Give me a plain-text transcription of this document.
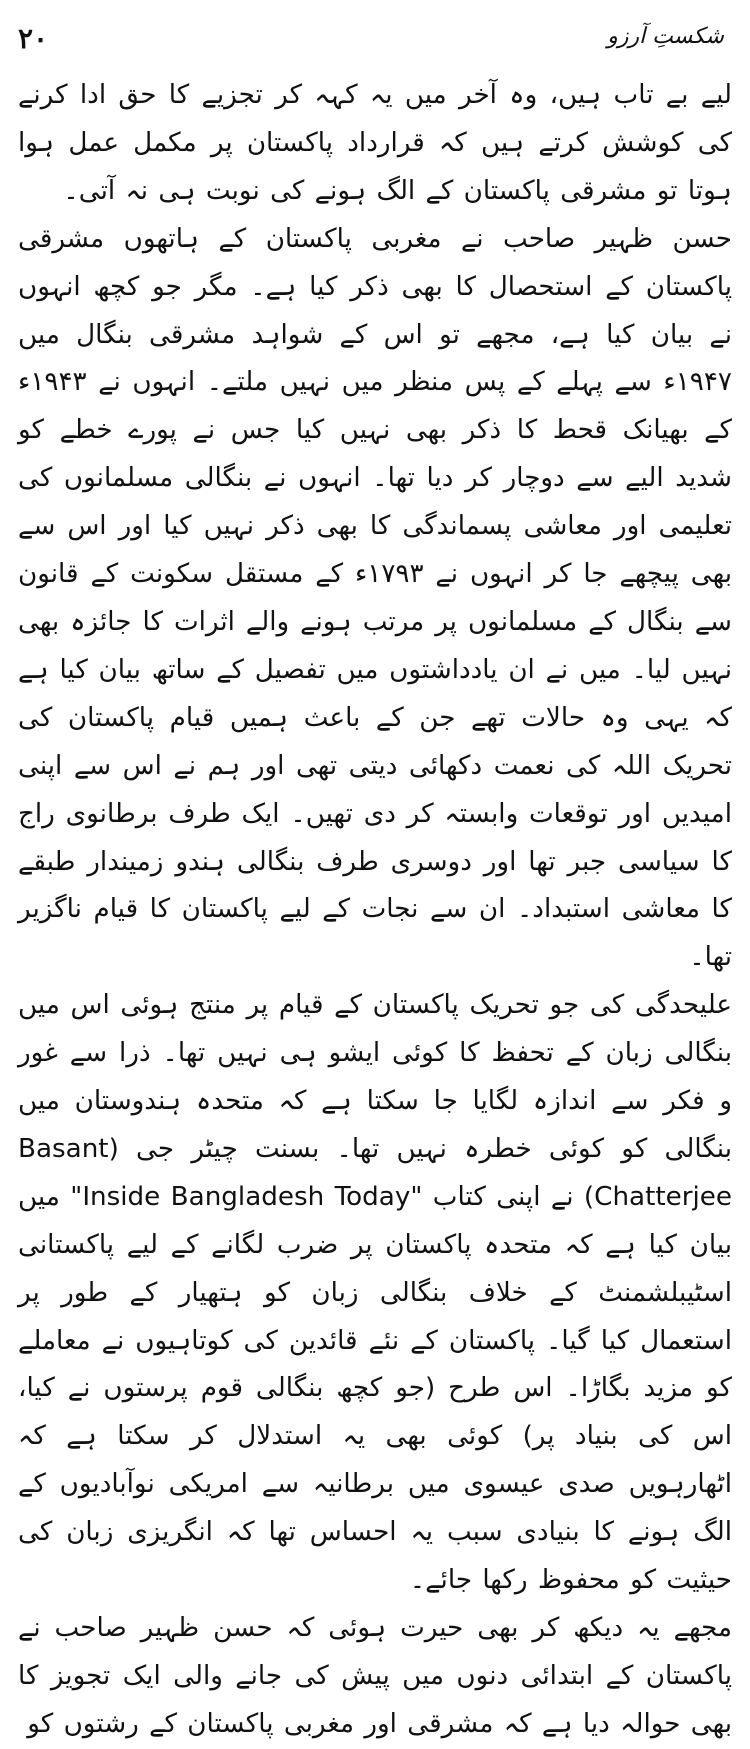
۲۰	شکستِ آرزو

لیے بے تاب ہیں، وہ آخر میں یہ کہہ کر تجزیے کا حق ادا کرنے کی کوشش کرتے ہیں کہ قرارداد پاکستان پر مکمل عمل ہوا ہوتا تو مشرقی پاکستان کے الگ ہونے کی نوبت ہی نہ آتی۔

حسن ظہیر صاحب نے مغربی پاکستان کے ہاتھوں مشرقی پاکستان کے استحصال کا بھی ذکر کیا ہے۔ مگر جو کچھ انہوں نے بیان کیا ہے، مجھے تو اس کے شواہد مشرقی بنگال میں ۱۹۴۷ء سے پہلے کے پس منظر میں نہیں ملتے۔ انہوں نے ۱۹۴۳ء کے بھیانک قحط کا ذکر بھی نہیں کیا جس نے پورے خطے کو شدید الیے سے دوچار کر دیا تھا۔ انہوں نے بنگالی مسلمانوں کی تعلیمی اور معاشی پسماندگی کا بھی ذکر نہیں کیا اور اس سے بھی پیچھے جا کر انہوں نے ۱۷۹۳ء کے مستقل سکونت کے قانون سے بنگال کے مسلمانوں پر مرتب ہونے والے اثرات کا جائزہ بھی نہیں لیا۔ میں نے ان یادداشتوں میں تفصیل کے ساتھ بیان کیا ہے کہ یہی وہ حالات تھے جن کے باعث ہمیں قیام پاکستان کی تحریک اللہ کی نعمت دکھائی دیتی تھی اور ہم نے اس سے اپنی امیدیں اور توقعات وابستہ کر دی تھیں۔ ایک طرف برطانوی راج کا سیاسی جبر تھا اور دوسری طرف بنگالی ہندو زمیندار طبقے کا معاشی استبداد۔ ان سے نجات کے لیے پاکستان کا قیام ناگزیر تھا۔

علیحدگی کی جو تحریک پاکستان کے قیام پر منتج ہوئی اس میں بنگالی زبان کے تحفظ کا کوئی ایشو ہی نہیں تھا۔ ذرا سے غور و فکر سے اندازہ لگایا جا سکتا ہے کہ متحدہ ہندوستان میں بنگالی کو کوئی خطرہ نہیں تھا۔ بسنت چیٹر جی (Basant Chatterjee) نے اپنی کتاب "Inside Bangladesh Today" میں بیان کیا ہے کہ متحدہ پاکستان پر ضرب لگانے کے لیے پاکستانی اسٹیبلشمنٹ کے خلاف بنگالی زبان کو ہتھیار کے طور پر استعمال کیا گیا۔ پاکستان کے نئے قائدین کی کوتاہیوں نے معاملے کو مزید بگاڑا۔ اس طرح (جو کچھ بنگالی قوم پرستوں نے کیا، اس کی بنیاد پر) کوئی بھی یہ استدلال کر سکتا ہے کہ اٹھارہویں صدی عیسوی میں برطانیہ سے امریکی نوآبادیوں کے الگ ہونے کا بنیادی سبب یہ احساس تھا کہ انگریزی زبان کی حیثیت کو محفوظ رکھا جائے۔

مجھے یہ دیکھ کر بھی حیرت ہوئی کہ حسن ظہیر صاحب نے پاکستان کے ابتدائی دنوں میں پیش کی جانے والی ایک تجویز کا بھی حوالہ دیا ہے کہ مشرقی اور مغربی پاکستان کے رشتوں کو
